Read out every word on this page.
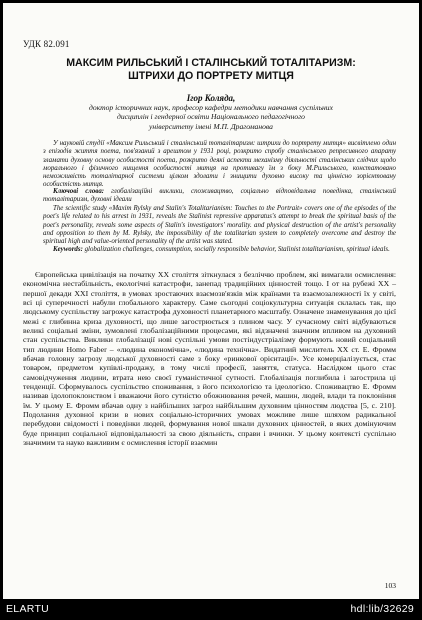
УДК 82.091
МАКСИМ РИЛЬСЬКИЙ І СТАЛІНСЬКИЙ ТОТАЛІТАРИЗМ:
ШТРИХИ ДО ПОРТРЕТУ МИТЦЯ
Ігор Коляда,
доктор історичних наук, професор кафедри методики навчання суспільних
дисциплін і гендерної освіти Національного педагогічного
університету імені М.П. Драгоманова

У науковій студії «Максим Рильський і сталінський тоталітаризм: штрихи до портрету митця» висвітлено один з епізодів життя поета, пов'язаний з арештом у 1931 році, розкрито спробу сталінського репресивного апарату зламати духовну основу особистості поета, розкрито деякі аспекти механізму діяльності сталінських слідчих щодо морального і фізичного нищення особистості митця на противагу їм з боку М.Рильського, констатовано неможливість тоталітарної системи цілком здолати і знищити духовно високу та ціннісно зорієнтовану особистість митця.

Ключові слова: глобалізаційні виклики, споживацтво, соціально відповідальна поведінка, сталінський тоталітаризм, духовні ідеали

The scientific study «Maxim Rylsky and Stalin's Totalitarianism: Touches to the Portrait» covers one of the episodes of the poet's life related to his arrest in 1931, reveals the Stalinist repressive apparatus's attempt to break the spiritual basis of the poet's personality, reveals some aspects of Stalin's investigators' morality. and physical destruction of the artist's personality and opposition to them by M. Rylsky, the impossibility of the totalitarian system to completely overcome and destroy the spiritual high and value-oriented personality of the artist was stated.

Keywords: globalization challenges, consumption, socially responsible behavior, Stalinist totalitarianism, spiritual ideals.

Європейська цивілізація на початку ХХ століття зіткнулася з безліччю проблем, які вимагали осмислення: економічна нестабільність, екологічні катастрофи, занепад традиційних цінностей тощо. І от на рубежі ХХ – першої декади ХХІ століття, в умовах зростаючих взаємозв'язків між країнами та взаємозалежності їх у світі, всі ці суперечності набули глобального характеру. Саме сьогодні соціокультурна ситуація склалась так, що людському суспільству загрожує катастрофа духовності планетарного масштабу. Означене знаменування до цієї межі є глибинна криза духовності, що лише загострюється з плином часу. У сучасному світі відбуваються великі соціальні зміни, зумовлені глобалізаційними процесами, які відзначені значним впливом на духовний стан суспільства. Виклики глобалізації нові суспільні умови постіндустріалізму формують новий соціальний тип людини Homo Faber – «людина економічна», «людина технічна». Видатний мислитель ХХ ст. Е. Фромм вбачав головну загрозу людської духовності саме з боку «ринкової орієнтації». Усе комерціалізується, стає товаром, предметом купівлі-продажу, в тому числі професії, заняття, статуса. Наслідком цього стає самовідчуження людини, втрата нею своєї гуманістичної сутності. Глобалізація поглибила і загострила ці тенденції. Сформувалось суспільство споживання, з його психологією та ідеологією. Споживацтво Е. Фромм називав ідолопоклонством і вважаючи його сутністю обожнювання речей, машин, людей, влади та поклоніння їм. У цьому Е. Фромм вбачав одну з найбільших загроз найбільшим духовним цінностям людства [5, с. 210]. Подолання духовної кризи в нових соціально-історичних умовах можливе лише шляхом радикальної перебудови свідомості і поведінки людей, формування нової шкали духовних цінностей, в яких домінуючим буде принцип соціальної відповідальності за свою діяльність, справи і вчинки. У цьому контексті суспільно значимим та науко важливим є осмислення історії взаємин

103
ELARTU	hdl:lib/32629
